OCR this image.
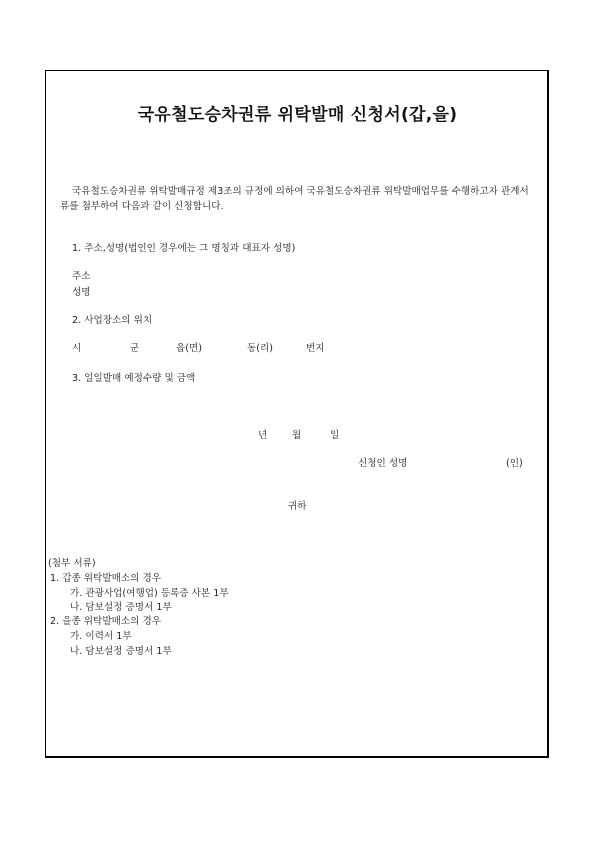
국유철도승차권류 위탁발매 신청서(갑,을)
국유철도승차권류 위탁발매규정 제3조의 규정에 의하여 국유철도승차권류 위탁발매업무를 수행하고자 관계서류를 첨부하여 다음과 같이 신청합니다.
1. 주소,성명(법인인 경우에는 그 명칭과 대표자 성명)
주소
성명
2. 사업장소의 위치
시	군	읍(면)	동(리)	번지
3. 일일발매 예정수량 및 금액
년	월	일
신청인 성명	(인)
귀하
(첨부 서류)
1. 갑종 위탁발매소의 경우
가. 관광사업(여행업) 등록증 사본 1부
나. 담보설정 증명서 1부
2. 을종 위탁발매소의 경우
가. 이력서 1부
나. 담보설정 증명서 1부
